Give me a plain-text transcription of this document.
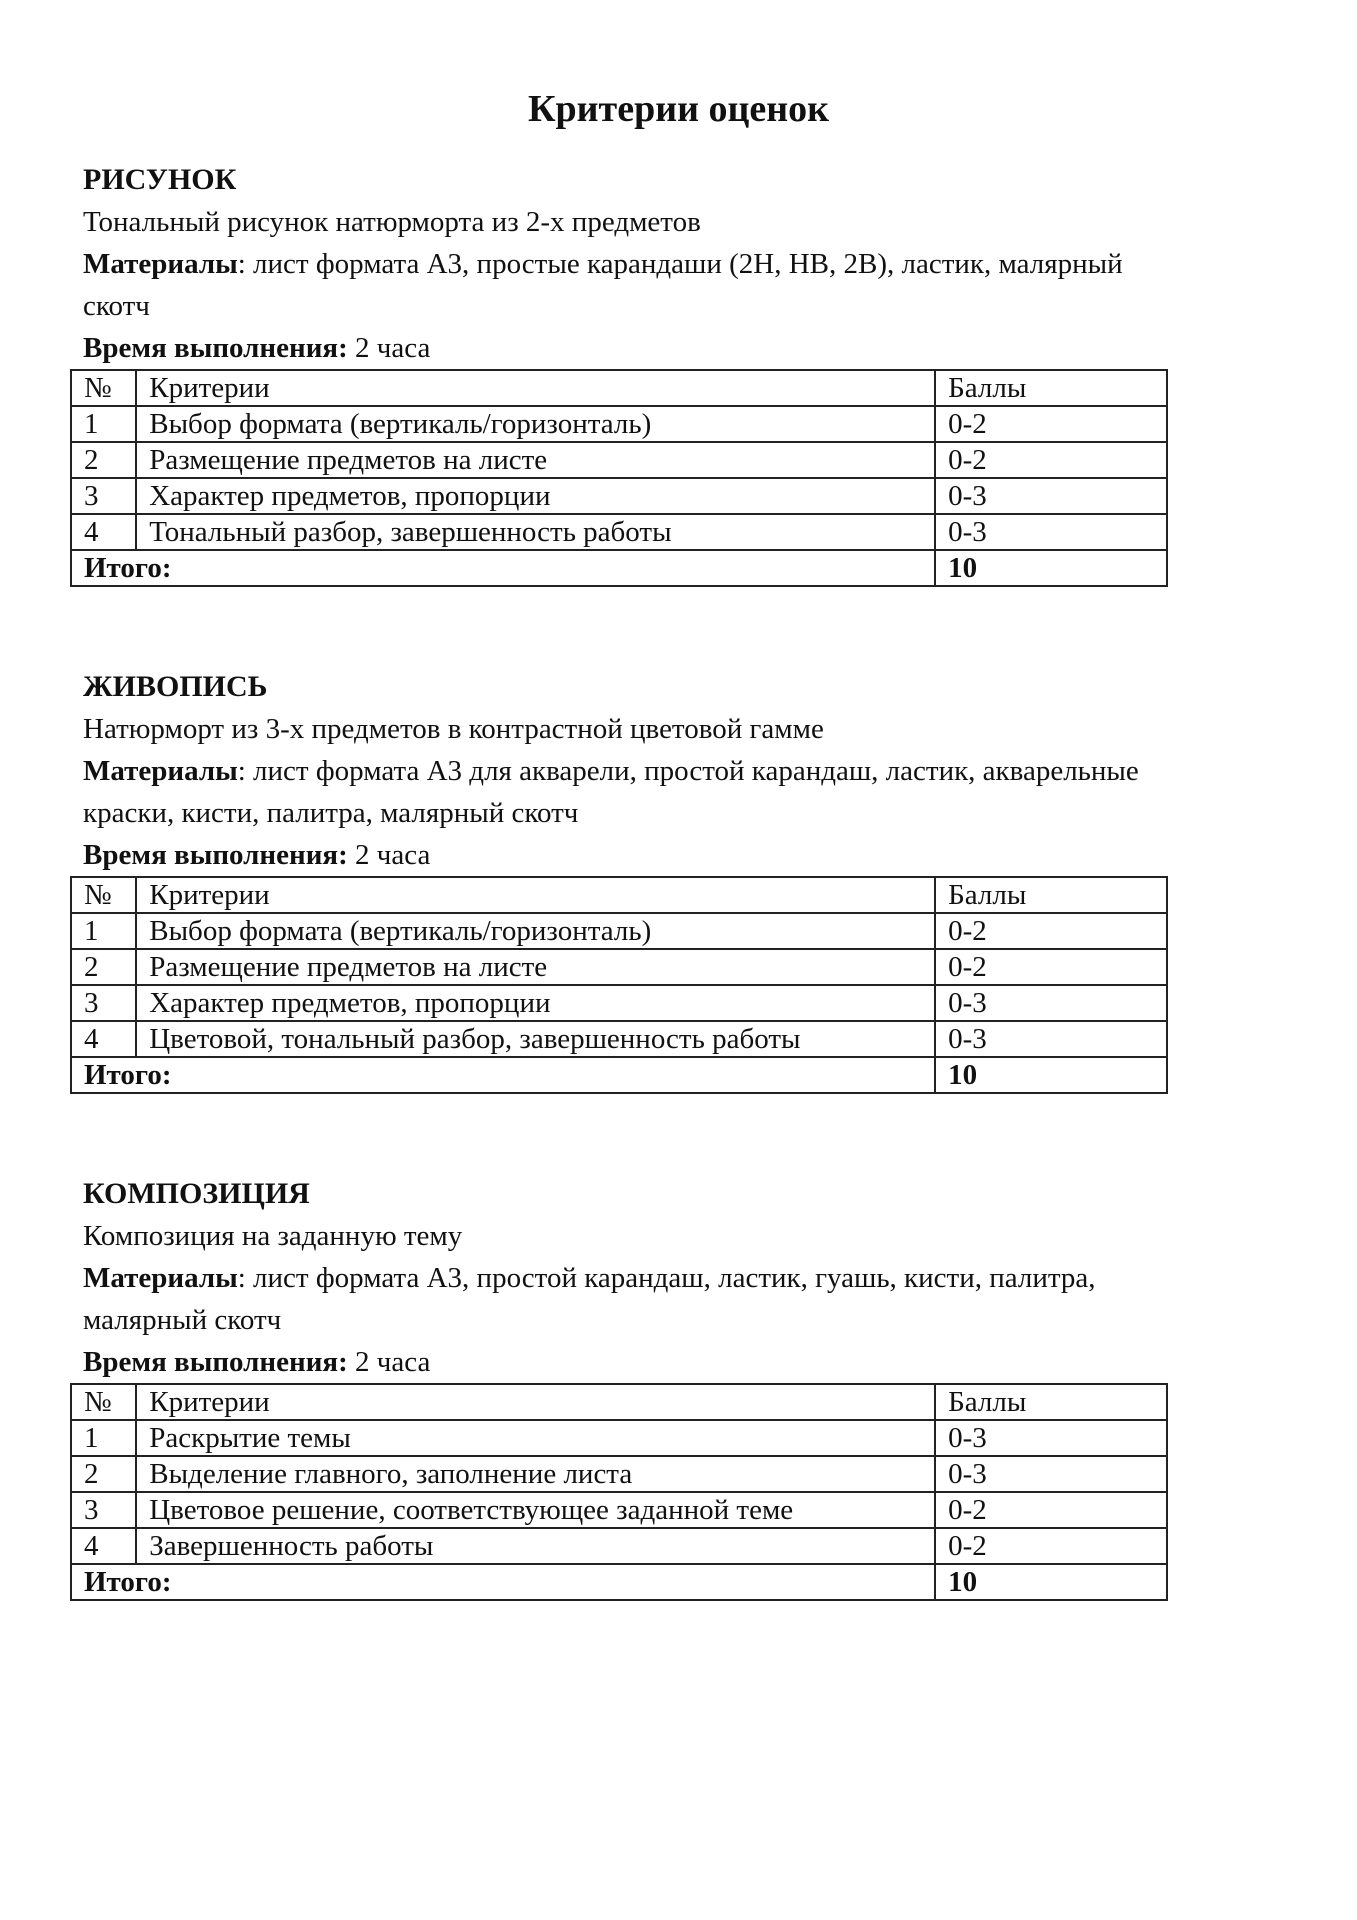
Критерии оценок
РИСУНОК

Тональный рисунок натюрморта из 2-х предметов

Материалы: лист формата А3, простые карандаши (2Н, НВ, 2В), ластик, малярный

скотч

Время выполнения: 2 часа

№	Критерии	Баллы
1	Выбор формата (вертикаль/горизонталь)	0-2
2	Размещение предметов на листе	0-2
3	Характер предметов, пропорции	0-3
4	Тональный разбор, завершенность работы	0-3
Итого:		10
ЖИВОПИСЬ

Натюрморт из 3-х предметов в контрастной цветовой гамме

Материалы: лист формата А3 для акварели, простой карандаш, ластик, акварельные

краски, кисти, палитра, малярный скотч

Время выполнения: 2 часа

№	Критерии	Баллы
1	Выбор формата (вертикаль/горизонталь)	0-2
2	Размещение предметов на листе	0-2
3	Характер предметов, пропорции	0-3
4	Цветовой, тональный разбор, завершенность работы	0-3
Итого:		10
КОМПОЗИЦИЯ

Композиция на заданную тему

Материалы: лист формата А3, простой карандаш, ластик, гуашь, кисти, палитра,

малярный скотч

Время выполнения: 2 часа

№	Критерии	Баллы
1	Раскрытие темы	0-3
2	Выделение главного, заполнение листа	0-3
3	Цветовое решение, соответствующее заданной теме	0-2
4	Завершенность работы	0-2
Итого:		10
